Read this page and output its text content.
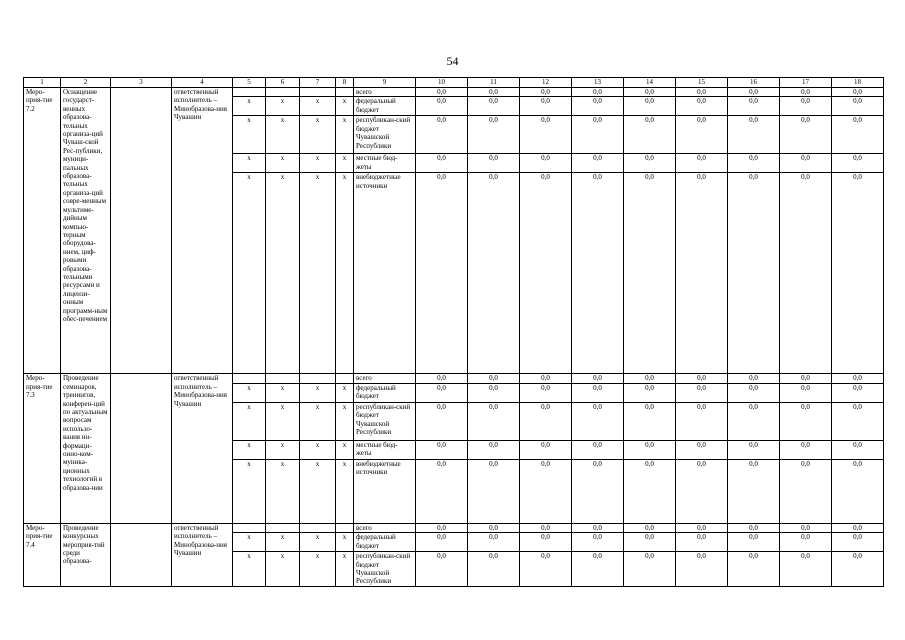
54
1	2	3	4	5	6	7	8	9	10	11	12	13	14	15	16	17	18
Меро-прия-тие 7.2	Оснащение государст-венных образова-тельных организа-ций Чуваш-ской Рес-публики, муници-пальных образова-тельных организа-ций совре-менным мультиме-дийным компью-терным оборудова-нием, циф-ровыми образова-тельными ресурсами и лицензи-онным программ-ным обес-печением		ответственный исполнитель – Минобразова-ния Чувашии					всего	0,0	0,0	0,0	0,0	0,0	0,0	0,0	0,0	0,0
				х	х	х	х	федеральный бюджет	0,0	0,0	0,0	0,0	0,0	0,0	0,0	0,0	0,0
				х	х	х	х	республикан-ский бюджет Чувашской Республики	0,0	0,0	0,0	0,0	0,0	0,0	0,0	0,0	0,0
				х	х	х	х	местные бюд-жеты	0,0	0,0	0,0	0,0	0,0	0,0	0,0	0,0	0,0
				х	х	х	х	внебюджетные источники	0,0	0,0	0,0	0,0	0,0	0,0	0,0	0,0	0,0
Меро-прия-тие 7.3	Проведение семинаров, тренингов, конферен-ций по актуальным вопросам использо-вания ин-формаци-онно-ком-муника-ционных технологий в образова-нии		ответственный исполнитель – Минобразова-ния Чувашии					всего	0,0	0,0	0,0	0,0	0,0	0,0	0,0	0,0	0,0
				х	х	х	х	федеральный бюджет	0,0	0,0	0,0	0,0	0,0	0,0	0,0	0,0	0,0
				х	х	х	х	республикан-ский бюджет Чувашской Республики	0,0	0,0	0,0	0,0	0,0	0,0	0,0	0,0	0,0
				х	х	х	х	местные бюд-жеты	0,0	0,0	0,0	0,0	0,0	0,0	0,0	0,0	0,0
				х	х	х	х	внебюджетные источники	0,0	0,0	0,0	0,0	0,0	0,0	0,0	0,0	0,0
Меро-прия-тие 7.4	Проведение конкурсных мероприя-тий среди образова-		ответственный исполнитель – Минобразова-ния Чувашии					всего	0,0	0,0	0,0	0,0	0,0	0,0	0,0	0,0	0,0
				х	х	х	х	федеральный бюджет	0,0	0,0	0,0	0,0	0,0	0,0	0,0	0,0	0,0
				х	х	х	х	республикан-ский бюджет Чувашской Республики	0,0	0,0	0,0	0,0	0,0	0,0	0,0	0,0	0,0
